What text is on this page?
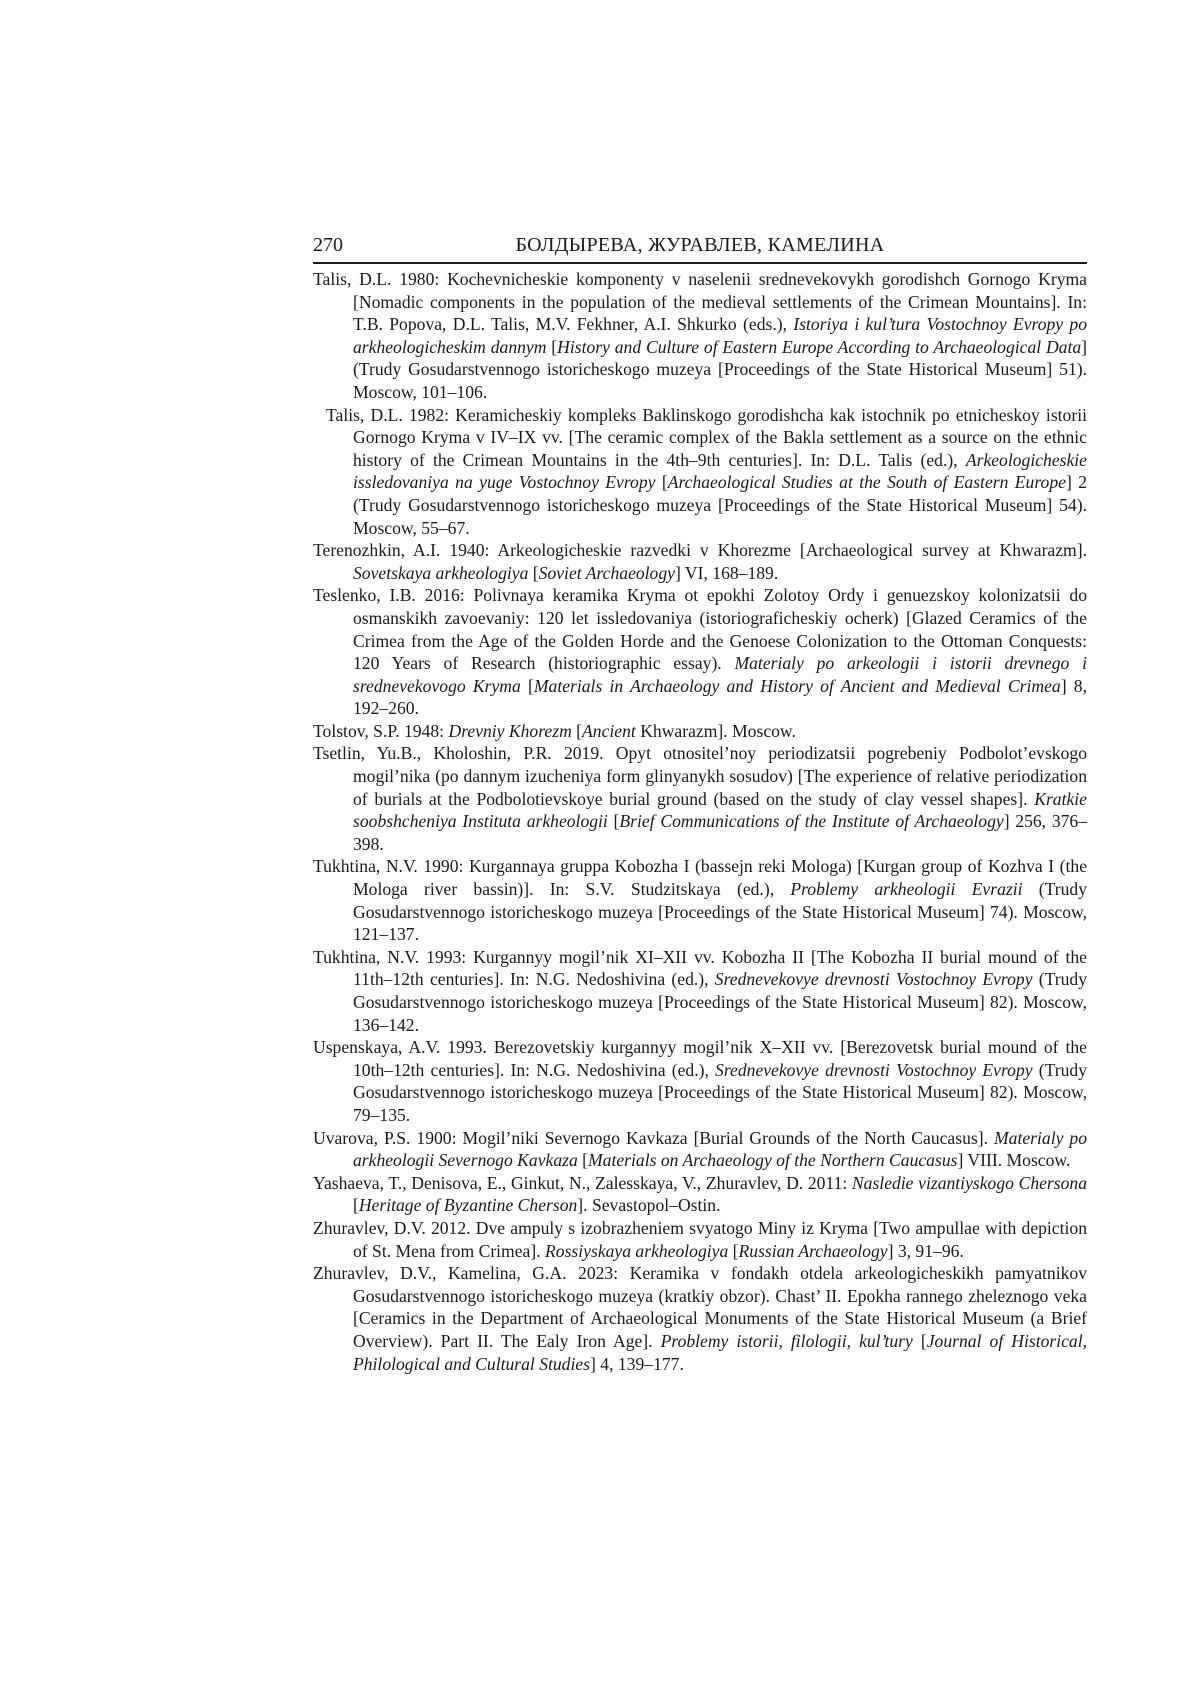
270	БОЛДЫРЕВА, ЖУРАВЛЕВ, КАМЕЛИНА

Talis, D.L. 1980: Kochevnicheskie komponenty v naselenii srednevekovykh gorodishch Gornogo Kryma [Nomadic components in the population of the medieval settlements of the Crimean Mountains]. In: T.B. Popova, D.L. Talis, M.V. Fekhner, A.I. Shkurko (eds.), Istoriya i kul’tura Vostochnoy Evropy po arkheologicheskim dannym [History and Culture of Eastern Europe According to Archaeological Data] (Trudy Gosudarstvennogo istoricheskogo muzeya [Proceedings of the State Historical Museum] 51). Moscow, 101–106.

Talis, D.L. 1982: Keramicheskiy kompleks Baklinskogo gorodishcha kak istochnik po etnicheskoy istorii Gornogo Kryma v IV–IX vv. [The ceramic complex of the Bakla settlement as a source on the ethnic history of the Crimean Mountains in the 4th–9th centuries]. In: D.L. Talis (ed.), Arkeologicheskie issledovaniya na yuge Vostochnoy Evropy [Archaeological Studies at the South of Eastern Europe] 2 (Trudy Gosudarstvennogo istoricheskogo muzeya [Proceedings of the State Historical Museum] 54). Moscow, 55–67.

Terenozhkin, A.I. 1940: Arkeologicheskie razvedki v Khorezme [Archaeological survey at Khwarazm]. Sovetskaya arkheologiya [Soviet Archaeology] VI, 168–189.

Teslenko, I.B. 2016: Polivnaya keramika Kryma ot epokhi Zolotoy Ordy i genuezskoy kolonizatsii do osmanskikh zavoevaniy: 120 let issledovaniya (istoriograficheskiy ocherk) [Glazed Ceramics of the Crimea from the Age of the Golden Horde and the Genoese Colonization to the Ottoman Conquests: 120 Years of Research (historiographic essay). Materialy po arkeologii i istorii drevnego i srednevekovogo Kryma [Materials in Archaeology and History of Ancient and Medieval Crimea] 8, 192–260.

Tolstov, S.P. 1948: Drevniy Khorezm [Ancient Khwarazm]. Moscow.

Tsetlin, Yu.B., Kholoshin, P.R. 2019. Opyt otnositel’noy periodizatsii pogrebeniy Podbolot’evskogo mogil’nika (po dannym izucheniya form glinyanykh sosudov) [The experience of relative periodization of burials at the Podbolotievskoye burial ground (based on the study of clay vessel shapes]. Kratkie soobshcheniya Instituta arkheologii [Brief Communications of the Institute of Archaeology] 256, 376–398.

Tukhtina, N.V. 1990: Kurgannaya gruppa Kobozha I (bassejn reki Mologa) [Kurgan group of Kozhva I (the Mologa river bassin)]. In: S.V. Studzitskaya (ed.), Problemy arkheologii Evrazii (Trudy Gosudarstvennogo istoricheskogo muzeya [Proceedings of the State Historical Museum] 74). Moscow, 121–137.

Tukhtina, N.V. 1993: Kurgannyy mogil’nik XI–XII vv. Kobozha II [The Kobozha II burial mound of the 11th–12th centuries]. In: N.G. Nedoshivina (ed.), Srednevekovye drevnosti Vostochnoy Evropy (Trudy Gosudarstvennogo istoricheskogo muzeya [Proceedings of the State Historical Museum] 82). Moscow, 136–142.

Uspenskaya, A.V. 1993. Berezovetskiy kurgannyy mogil’nik X–XII vv. [Berezovetsk burial mound of the 10th–12th centuries]. In: N.G. Nedoshivina (ed.), Srednevekovye drevnosti Vostochnoy Evropy (Trudy Gosudarstvennogo istoricheskogo muzeya [Proceedings of the State Historical Museum] 82). Moscow, 79–135.

Uvarova, P.S. 1900: Mogil’niki Severnogo Kavkaza [Burial Grounds of the North Caucasus]. Materialy po arkheologii Severnogo Kavkaza [Materials on Archaeology of the Northern Caucasus] VIII. Moscow.

Yashaeva, T., Denisova, E., Ginkut, N., Zalesskaya, V., Zhuravlev, D. 2011: Nasledie vizantiyskogo Chersona [Heritage of Byzantine Cherson]. Sevastopol–Ostin.

Zhuravlev, D.V. 2012. Dve ampuly s izobrazheniem svyatogo Miny iz Kryma [Two ampullae with depiction of St. Mena from Crimea]. Rossiyskaya arkheologiya [Russian Archaeology] 3, 91–96.

Zhuravlev, D.V., Kamelina, G.A. 2023: Keramika v fondakh otdela arkeologicheskikh pamyatnikov Gosudarstvennogo istoricheskogo muzeya (kratkiy obzor). Chast’ II. Epokha rannego zheleznogo veka [Ceramics in the Department of Archaeological Monuments of the State Historical Museum (a Brief Overview). Part II. The Ealy Iron Age]. Problemy istorii, filologii, kul’tury [Journal of Historical, Philological and Cultural Studies] 4, 139–177.
